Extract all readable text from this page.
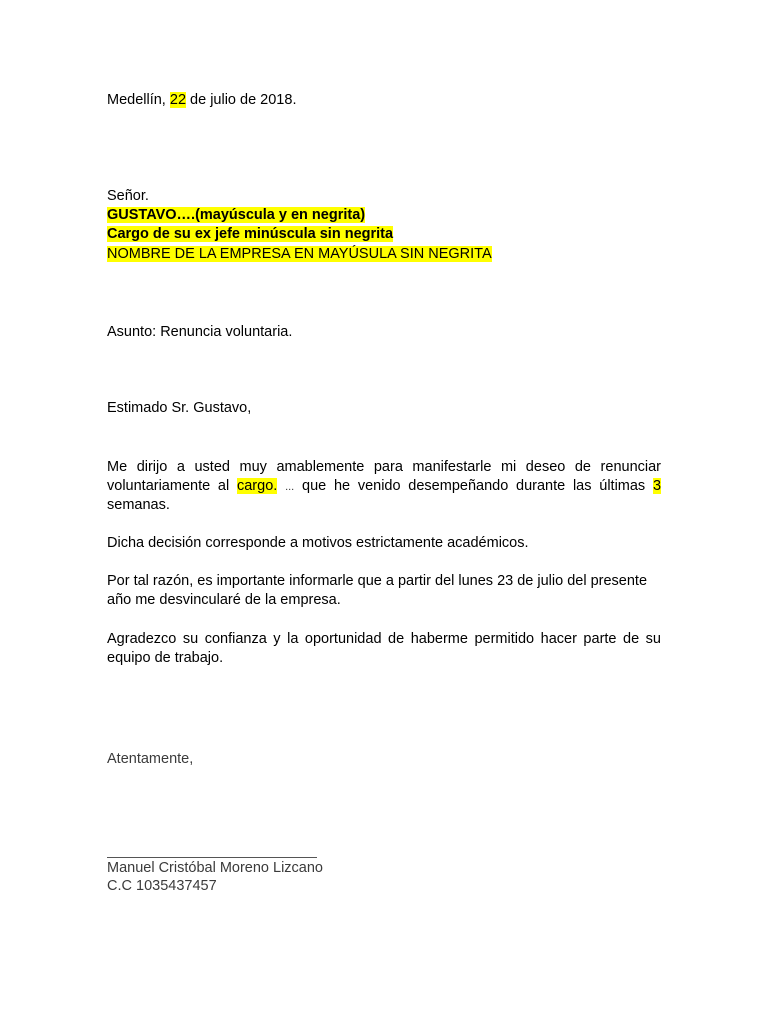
Medellín, 22 de julio de 2018.
Señor.
GUSTAVO….(mayúscula y en negrita)
Cargo de su ex jefe minúscula sin negrita
NOMBRE DE LA EMPRESA EN MAYÚSULA SIN NEGRITA
Asunto: Renuncia voluntaria.
Estimado Sr. Gustavo,
Me dirijo a usted muy amablemente para manifestarle mi deseo de renunciar
voluntariamente al cargo. ... que he venido desempeñando durante las últimas 3
semanas.
Dicha decisión corresponde a motivos estrictamente académicos.
Por tal razón, es importante informarle que a partir del lunes 23 de julio del presente
año me desvincularé de la empresa.
Agradezco su confianza y la oportunidad de haberme permitido hacer parte de su
equipo de trabajo.
Atentamente,
Manuel Cristóbal Moreno Lizcano
C.C 1035437457
